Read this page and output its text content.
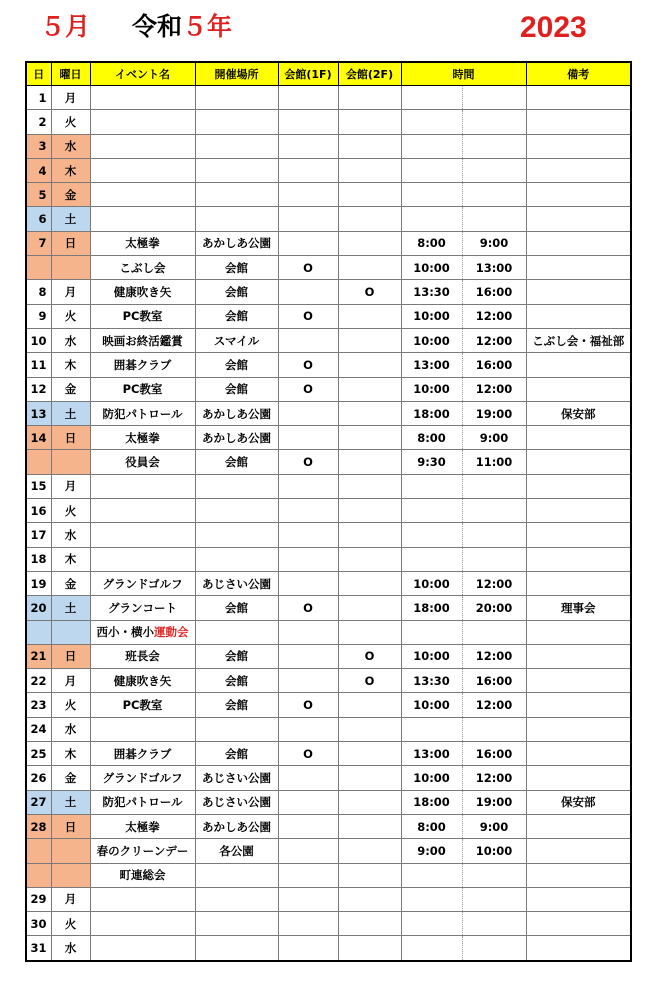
５月 令和５年	2023
日	曜日	イベント名	開催場所	会館(1F)	会館(2F)	時間		備考
1	月							
2	火							
3	水							
4	木							
5	金							
6	土							
7	日	太極拳	あかしあ公園			8:00	9:00	
		こぶし会	会館	O		10:00	13:00	
8	月	健康吹き矢	会館		O	13:30	16:00	
9	火	PC教室	会館	O		10:00	12:00	
10	水	映画お終活鑑賞	スマイル			10:00	12:00	こぶし会・福祉部
11	木	囲碁クラブ	会館	O		13:00	16:00	
12	金	PC教室	会館	O		10:00	12:00	
13	土	防犯パトロール	あかしあ公園			18:00	19:00	保安部
14	日	太極拳	あかしあ公園			8:00	9:00	
		役員会	会館	O		9:30	11:00	
15	月							
16	火							
17	水							
18	木							
19	金	グランドゴルフ	あじさい公園			10:00	12:00	
20	土	グランコート	会館	O		18:00	20:00	理事会
		西小・横小運動会						
21	日	班長会	会館		O	10:00	12:00	
22	月	健康吹き矢	会館		O	13:30	16:00	
23	火	PC教室	会館	O		10:00	12:00	
24	水							
25	木	囲碁クラブ	会館	O		13:00	16:00	
26	金	グランドゴルフ	あじさい公園			10:00	12:00	
27	土	防犯パトロール	あじさい公園			18:00	19:00	保安部
28	日	太極拳	あかしあ公園			8:00	9:00	
		春のクリーンデー	各公園			9:00	10:00	
		町連総会						
29	月							
30	火							
31	水							
